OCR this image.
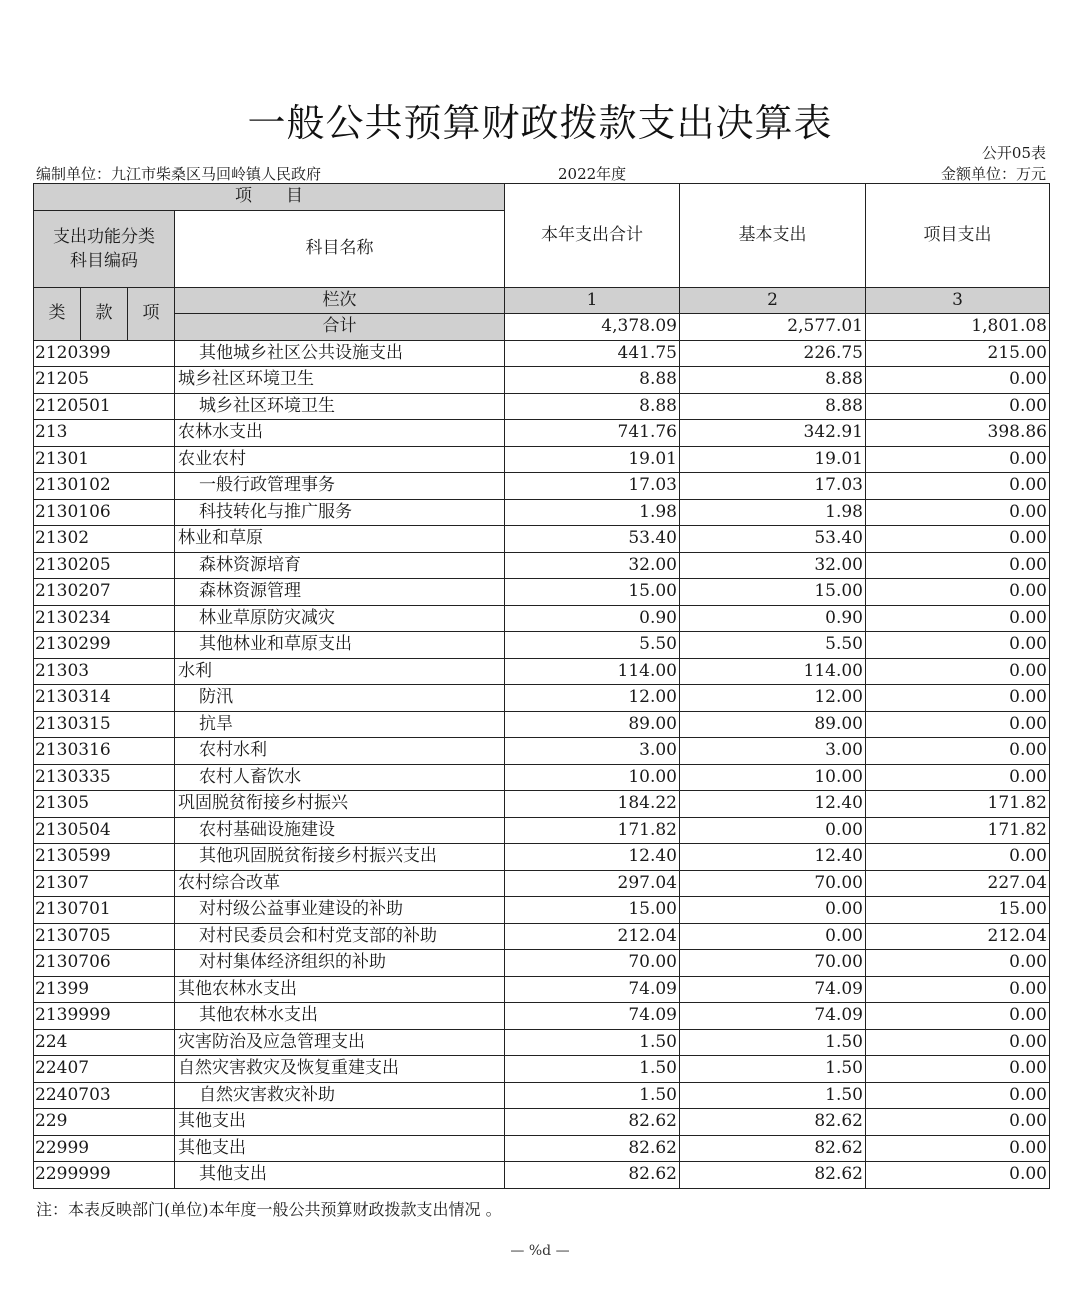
一般公共预算财政拨款支出决算表
公开05表
编制单位：九江市柴桑区马回岭镇人民政府	2022年度	金额单位：万元
项　　目				本年支出合计	基本支出	项目支出

支出功能分类
科目编码			科目名称			

类	款	项	栏次	1	2	3
			合计	4,378.09	2,577.01	1,801.08
2120399			其他城乡社区公共设施支出	441.75	226.75	215.00
21205			城乡社区环境卫生	8.88	8.88	0.00
2120501			城乡社区环境卫生	8.88	8.88	0.00
213			农林水支出	741.76	342.91	398.86
21301			农业农村	19.01	19.01	0.00
2130102			一般行政管理事务	17.03	17.03	0.00
2130106			科技转化与推广服务	1.98	1.98	0.00
21302			林业和草原	53.40	53.40	0.00
2130205			森林资源培育	32.00	32.00	0.00
2130207			森林资源管理	15.00	15.00	0.00
2130234			林业草原防灾减灾	0.90	0.90	0.00
2130299			其他林业和草原支出	5.50	5.50	0.00
21303			水利	114.00	114.00	0.00
2130314			防汛	12.00	12.00	0.00
2130315			抗旱	89.00	89.00	0.00
2130316			农村水利	3.00	3.00	0.00
2130335			农村人畜饮水	10.00	10.00	0.00
21305			巩固脱贫衔接乡村振兴	184.22	12.40	171.82
2130504			农村基础设施建设	171.82	0.00	171.82
2130599			其他巩固脱贫衔接乡村振兴支出	12.40	12.40	0.00
21307			农村综合改革	297.04	70.00	227.04
2130701			对村级公益事业建设的补助	15.00	0.00	15.00
2130705			对村民委员会和村党支部的补助	212.04	0.00	212.04
2130706			对村集体经济组织的补助	70.00	70.00	0.00
21399			其他农林水支出	74.09	74.09	0.00
2139999			其他农林水支出	74.09	74.09	0.00
224			灾害防治及应急管理支出	1.50	1.50	0.00
22407			自然灾害救灾及恢复重建支出	1.50	1.50	0.00
2240703			自然灾害救灾补助	1.50	1.50	0.00
229			其他支出	82.62	82.62	0.00
22999			其他支出	82.62	82.62	0.00
2299999			其他支出	82.62	82.62	0.00
注：本表反映部门(单位)本年度一般公共预算财政拨款支出情况 。
— %d —
